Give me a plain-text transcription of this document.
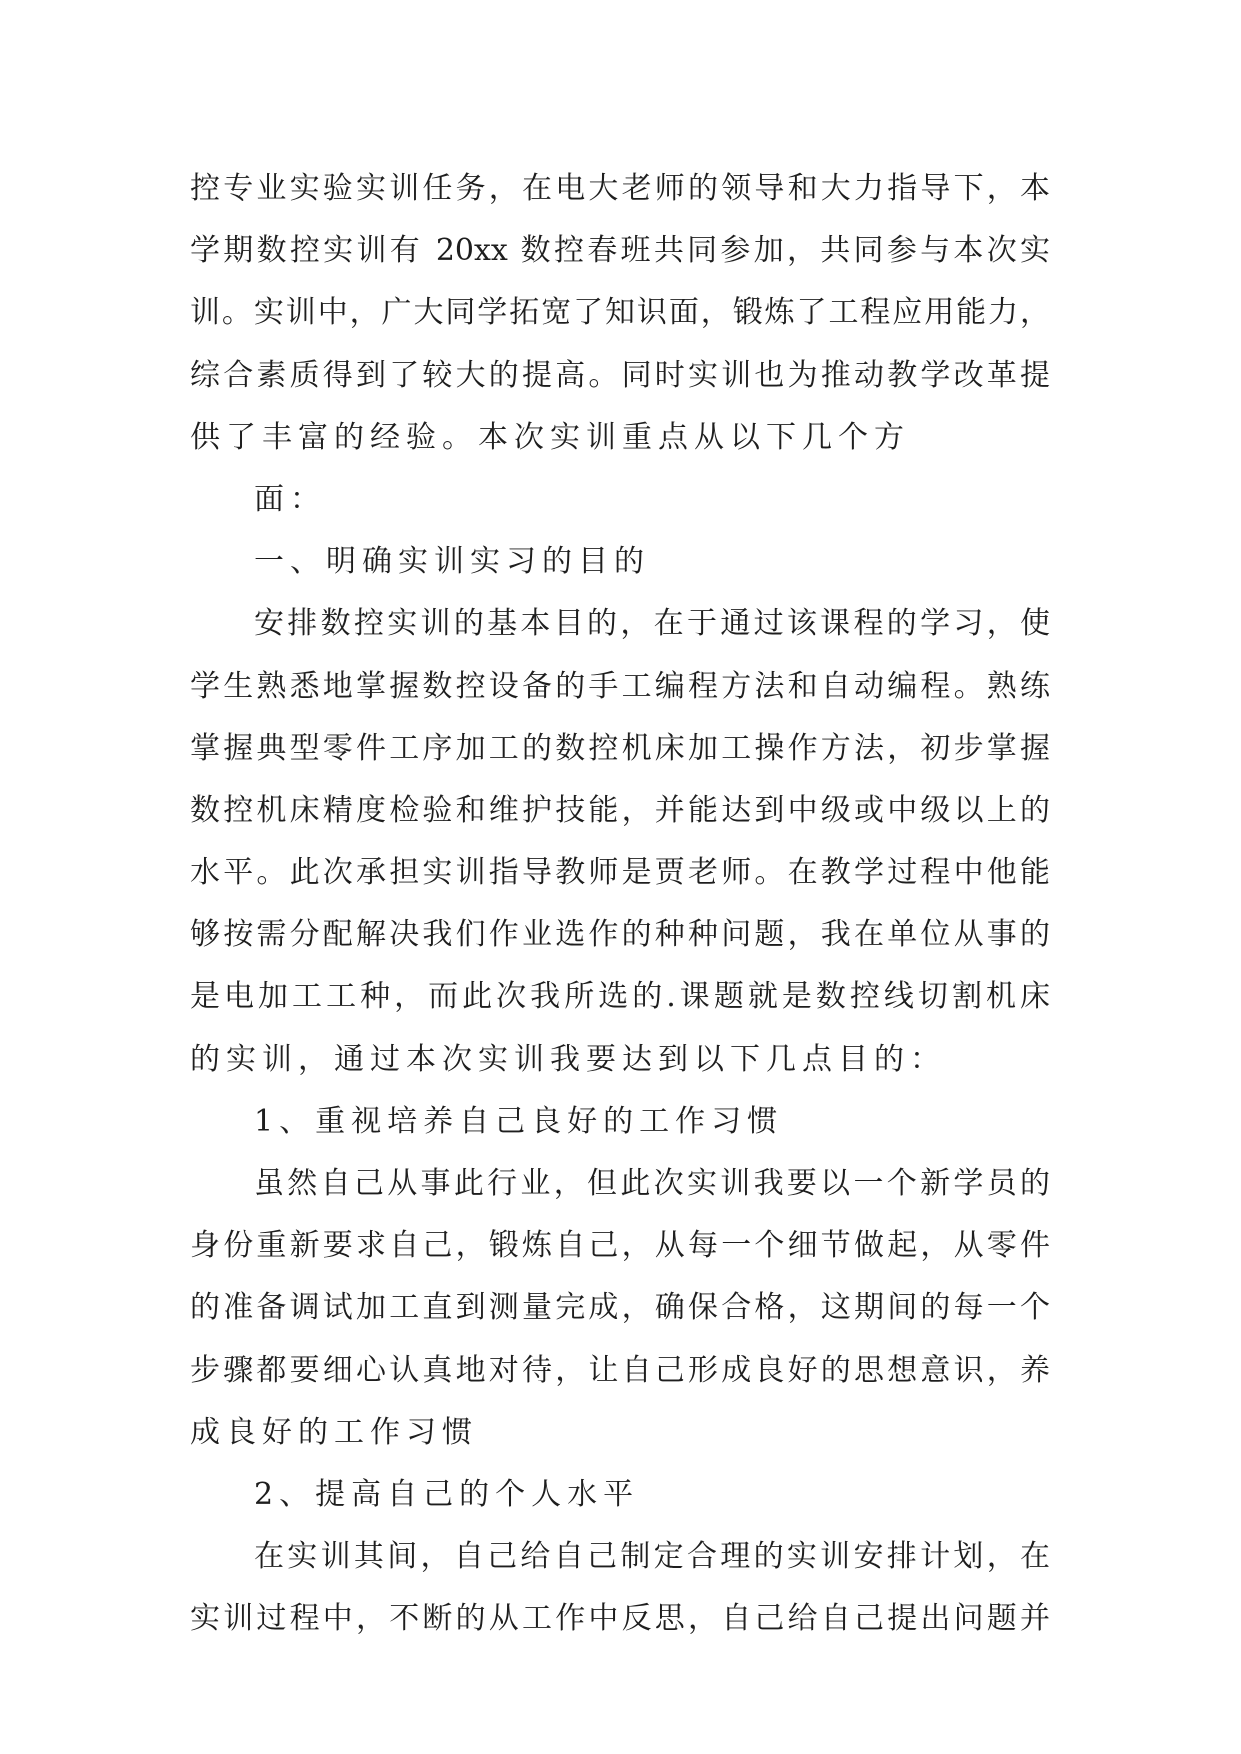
控专业实验实训任务，在电大老师的领导和大力指导下，本
学期数控实训有 20xx 数控春班共同参加，共同参与本次实
训。实训中，广大同学拓宽了知识面，锻炼了工程应用能力，
综合素质得到了较大的提高。同时实训也为推动教学改革提
供了丰富的经验。本次实训重点从以下几个方
面：
一、明确实训实习的目的
安排数控实训的基本目的，在于通过该课程的学习，使
学生熟悉地掌握数控设备的手工编程方法和自动编程。熟练
掌握典型零件工序加工的数控机床加工操作方法，初步掌握
数控机床精度检验和维护技能，并能达到中级或中级以上的
水平。此次承担实训指导教师是贾老师。在教学过程中他能
够按需分配解决我们作业选作的种种问题，我在单位从事的
是电加工工种，而此次我所选的.课题就是数控线切割机床
的实训，通过本次实训我要达到以下几点目的：
1、重视培养自己良好的工作习惯
虽然自己从事此行业，但此次实训我要以一个新学员的
身份重新要求自己，锻炼自己，从每一个细节做起，从零件
的准备调试加工直到测量完成，确保合格，这期间的每一个
步骤都要细心认真地对待，让自己形成良好的思想意识，养
成良好的工作习惯
2、提高自己的个人水平
在实训其间，自己给自己制定合理的实训安排计划，在
实训过程中，不断的从工作中反思，自己给自己提出问题并
